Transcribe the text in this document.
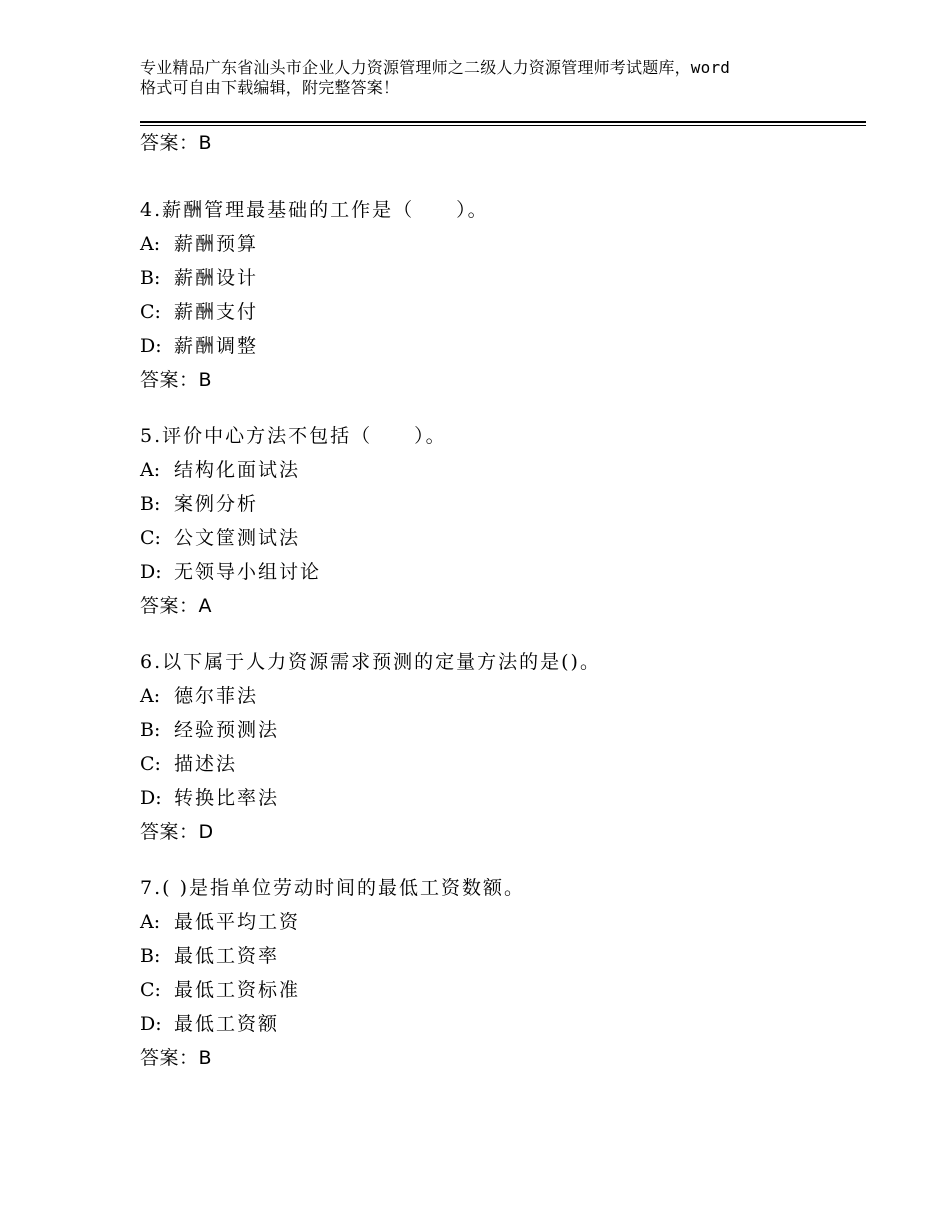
专业精品广东省汕头市企业人力资源管理师之二级人力资源管理师考试题库，word
格式可自由下载编辑，附完整答案！
答案：B
4.薪酬管理最基础的工作是（　　）。
A: 薪酬预算
B: 薪酬设计
C: 薪酬支付
D: 薪酬调整
答案：B
5.评价中心方法不包括（　　）。
A: 结构化面试法
B: 案例分析
C: 公文筐测试法
D: 无领导小组讨论
答案：A
6.以下属于人力资源需求预测的定量方法的是()。
A: 德尔菲法
B: 经验预测法
C: 描述法
D: 转换比率法
答案：D
7.( )是指单位劳动时间的最低工资数额。
A: 最低平均工资
B: 最低工资率
C: 最低工资标准
D: 最低工资额
答案：B
